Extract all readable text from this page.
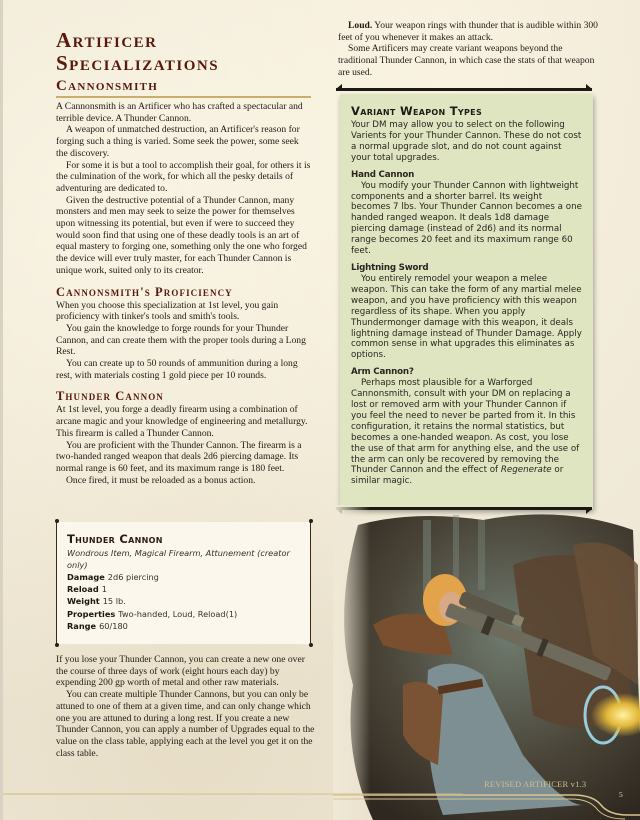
Artificer
Specializations
Cannonsmith

A Cannonsmith is an Artificer who has crafted a spectacular and terrible device. A Thunder Cannon.

A weapon of unmatched destruction, an Artificer's reason for forging such a thing is varied. Some seek the power, some seek the discovery.

For some it is but a tool to accomplish their goal, for others it is the culmination of the work, for which all the pesky details of adventuring are dedicated to.

Given the destructive potential of a Thunder Cannon, many monsters and men may seek to seize the power for themselves upon witnessing its potential, but even if were to succeed they would soon find that using one of these deadly tools is an art of equal mastery to forging one, something only the one who forged the device will ever truly master, for each Thunder Cannon is unique work, suited only to its creator.

Cannonsmith's Proficiency

When you choose this specialization at 1st level, you gain proficiency with tinker's tools and smith's tools.

You gain the knowledge to forge rounds for your Thunder Cannon, and can create them with the proper tools during a Long Rest.

You can create up to 50 rounds of ammunition during a long rest, with materials costing 1 gold piece per 10 rounds.

Thunder Cannon

At 1st level, you forge a deadly firearm using a combination of arcane magic and your knowledge of engineering and metallurgy. This firearm is called a Thunder Cannon.

You are proficient with the Thunder Cannon. The firearm is a two-handed ranged weapon that deals 2d6 piercing damage. Its normal range is 60 feet, and its maximum range is 180 feet.

Once fired, it must be reloaded as a bonus action.

Thunder Cannon
Wondrous Item, Magical Firearm, Attunement (creator only)
Damage 2d6 piercing
Reload 1
Weight 15 lb.
Properties Two-handed, Loud, Reload(1)
Range 60/180

If you lose your Thunder Cannon, you can create a new one over the course of three days of work (eight hours each day) by expending 200 gp worth of metal and other raw materials.

You can create multiple Thunder Cannons, but you can only be attuned to one of them at a given time, and can only change which one you are attuned to during a long rest. If you create a new Thunder Cannon, you can apply a number of Upgrades equal to the value on the class table, applying each at the level you get it on the class table.

Loud. Your weapon rings with thunder that is audible within 300 feet of you whenever it makes an attack.

Some Artificers may create variant weapons beyond the traditional Thunder Cannon, in which case the stats of that weapon are used.

Variant Weapon Types

Your DM may allow you to select on the following Varients for your Thunder Cannon. These do not cost a normal upgrade slot, and do not count against your total upgrades.

Hand Cannon

You modify your Thunder Cannon with lightweight components and a shorter barrel. Its weight becomes 7 lbs. Your Thunder Cannon becomes a one handed ranged weapon. It deals 1d8 damage piercing damage (instead of 2d6) and its normal range becomes 20 feet and its maximum range 60 feet.

Lightning Sword

You entirely remodel your weapon a melee weapon. This can take the form of any martial melee weapon, and you have proficiency with this weapon regardless of its shape. When you apply Thundermonger damage with this weapon, it deals lightning damage instead of Thunder Damage. Apply common sense in what upgrades this eliminates as options.

Arm Cannon?

Perhaps most plausible for a Warforged Cannonsmith, consult with your DM on replacing a lost or removed arm with your Thunder Cannon if you feel the need to never be parted from it. In this configuration, it retains the normal statistics, but becomes a one-handed weapon. As cost, you lose the use of that arm for anything else, and the use of the arm can only be recovered by removing the Thunder Cannon and the effect of Regenerate or similar magic.

REVISED ARTIFICER v1.3
5
